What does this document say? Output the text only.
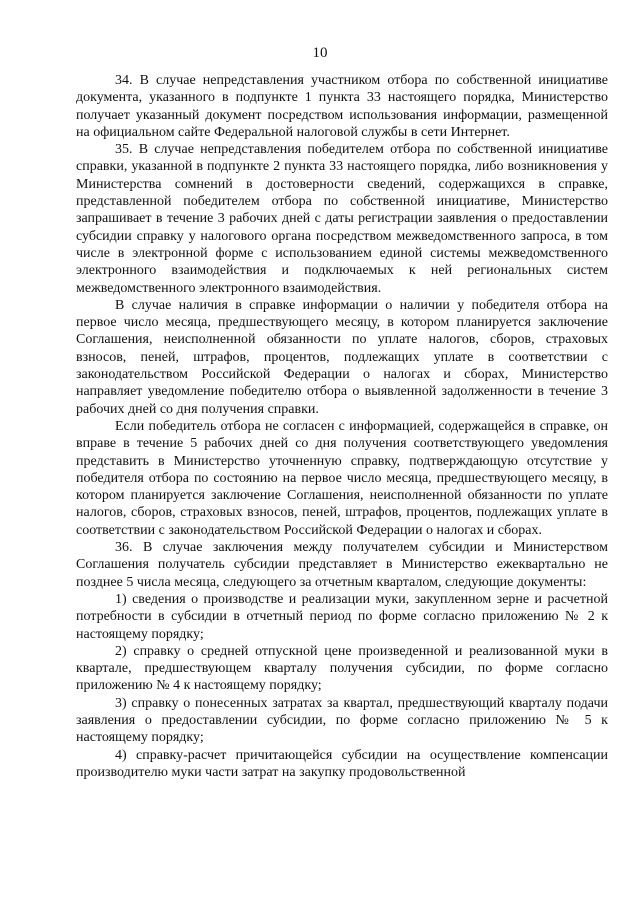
10

34. В случае непредставления участником отбора по собственной инициативе документа, указанного в подпункте 1 пункта 33 настоящего порядка, Министерство получает указанный документ посредством использования информации, размещенной на официальном сайте Федеральной налоговой службы в сети Интернет.

35. В случае непредставления победителем отбора по собственной инициативе справки, указанной в подпункте 2 пункта 33 настоящего порядка, либо возникновения у Министерства сомнений в достоверности сведений, содержащихся в справке, представленной победителем отбора по собственной инициативе, Министерство запрашивает в течение 3 рабочих дней с даты регистрации заявления о предоставлении субсидии справку у налогового органа посредством межведомственного запроса, в том числе в электронной форме с использованием единой системы межведомственного электронного взаимодействия и подключаемых к ней региональных систем межведомственного электронного взаимодействия.

В случае наличия в справке информации о наличии у победителя отбора на первое число месяца, предшествующего месяцу, в котором планируется заключение Соглашения, неисполненной обязанности по уплате налогов, сборов, страховых взносов, пеней, штрафов, процентов, подлежащих уплате в соответствии с законодательством Российской Федерации о налогах и сборах, Министерство направляет уведомление победителю отбора о выявленной задолженности в течение 3 рабочих дней со дня получения справки.

Если победитель отбора не согласен с информацией, содержащейся в справке, он вправе в течение 5 рабочих дней со дня получения соответствующего уведомления представить в Министерство уточненную справку, подтверждающую отсутствие у победителя отбора по состоянию на первое число месяца, предшествующего месяцу, в котором планируется заключение Соглашения, неисполненной обязанности по уплате налогов, сборов, страховых взносов, пеней, штрафов, процентов, подлежащих уплате в соответствии с законодательством Российской Федерации о налогах и сборах.

36. В случае заключения между получателем субсидии и Министерством Соглашения получатель субсидии представляет в Министерство ежеквартально не позднее 5 числа месяца, следующего за отчетным кварталом, следующие документы:

1) сведения о производстве и реализации муки, закупленном зерне и расчетной потребности в субсидии в отчетный период по форме согласно приложению № 2 к настоящему порядку;

2) справку о средней отпускной цене произведенной и реализованной муки в квартале, предшествующем кварталу получения субсидии, по форме согласно приложению № 4 к настоящему порядку;

3) справку о понесенных затратах за квартал, предшествующий кварталу подачи заявления о предоставлении субсидии, по форме согласно приложению № 5 к настоящему порядку;

4) справку-расчет причитающейся субсидии на осуществление компенсации производителю муки части затрат на закупку продовольственной
